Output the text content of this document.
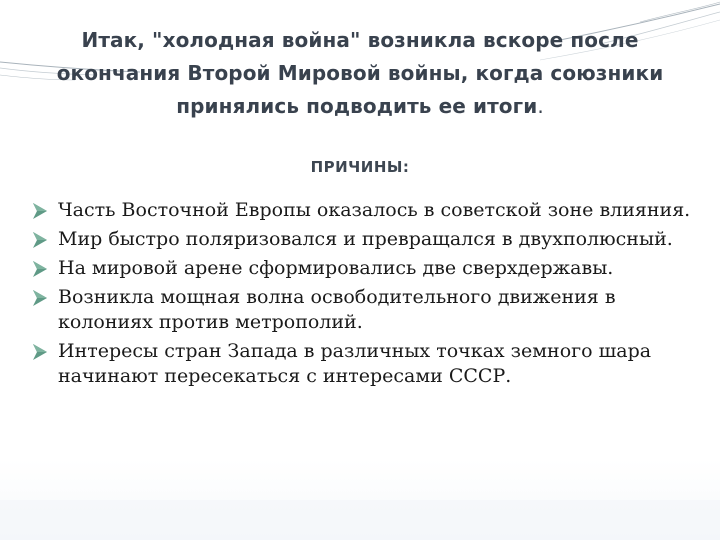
Итак, "холодная война" возникла вскоре после окончания Второй Мировой войны, когда союзники принялись подводить ее итоги.
ПРИЧИНЫ:
Часть Восточной Европы оказалось в советской зоне влияния.
Мир быстро поляризовался и превращался в двухполюсный.
На мировой арене сформировались две сверхдержавы.
Возникла мощная волна освободительного движения в колониях против метрополий.
Интересы стран Запада в различных точках земного шара начинают пересекаться с интересами СССР.
